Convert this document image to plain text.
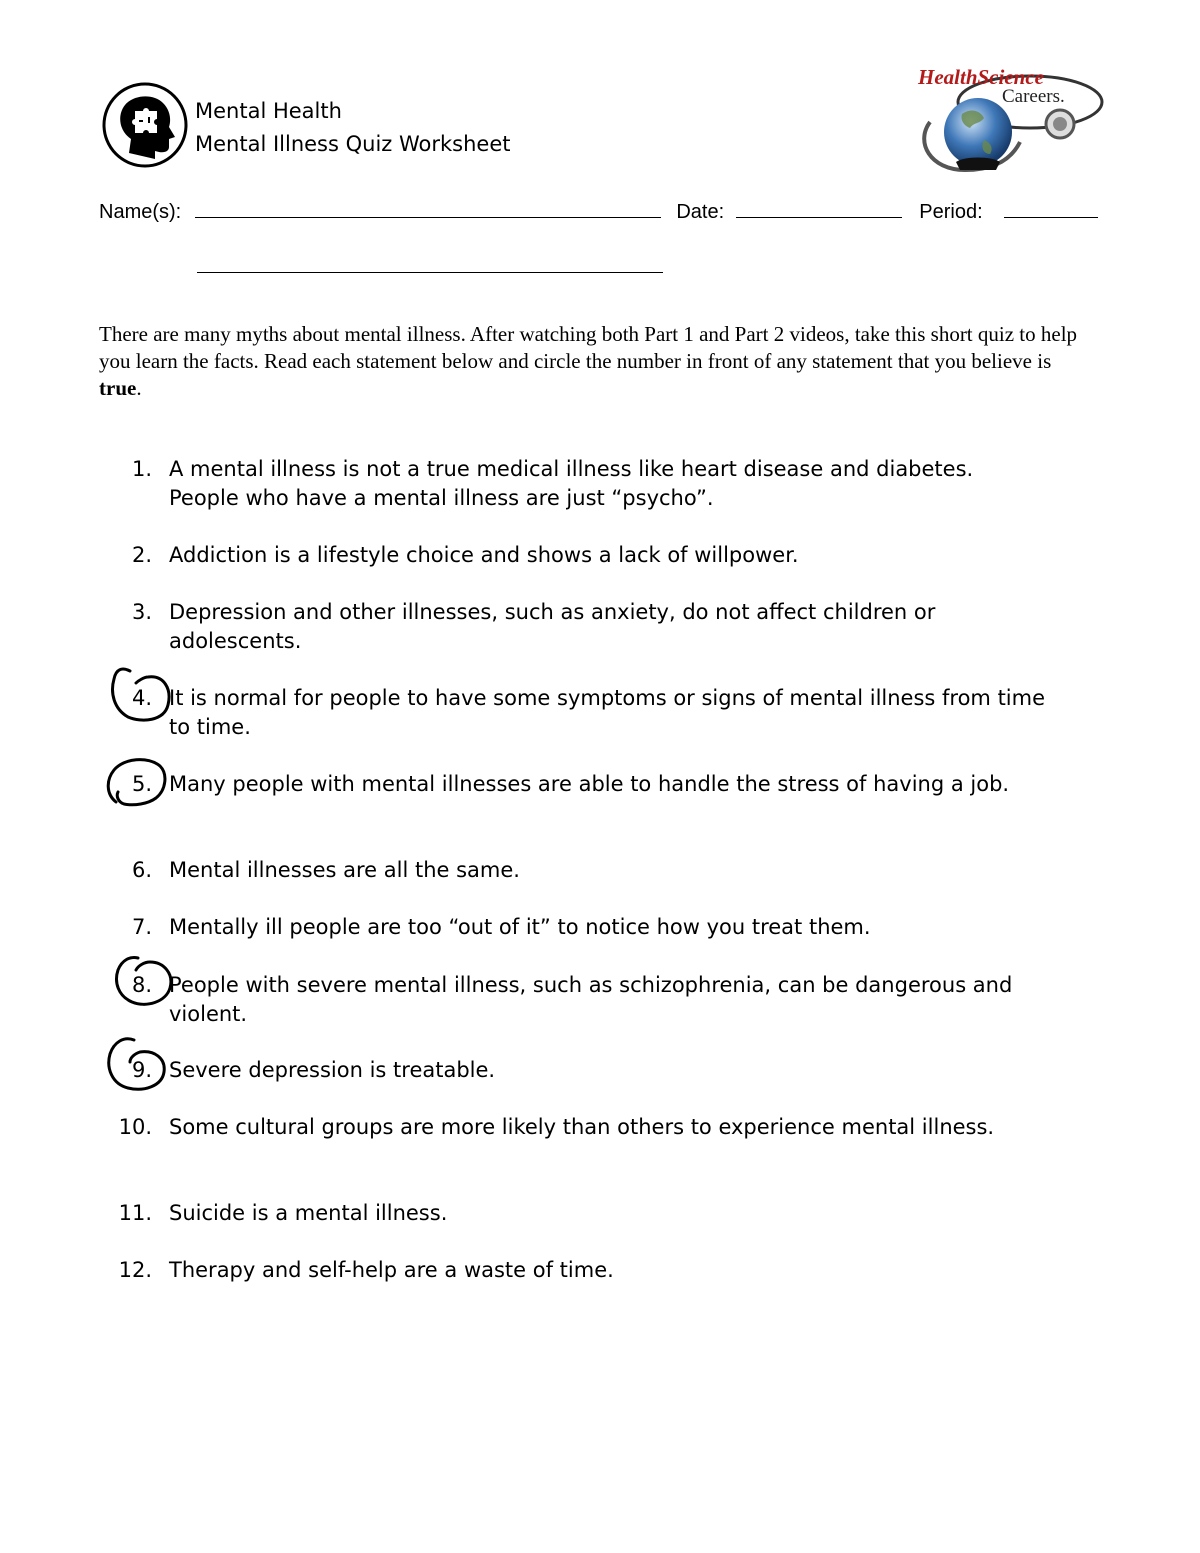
Mental Health
Mental Illness Quiz Worksheet
HealthScience
Careers.
Name(s):	Date:	Period:

There are many myths about mental illness. After watching both Part 1 and Part 2 videos, take this short quiz to help you learn the facts. Read each statement below and circle the number in front of any statement that you believe is true.

1. A mental illness is not a true medical illness like heart disease and diabetes. People who have a mental illness are just “psycho”.
2. Addiction is a lifestyle choice and shows a lack of willpower.
3. Depression and other illnesses, such as anxiety, do not affect children or adolescents.
4. It is normal for people to have some symptoms or signs of mental illness from time to time.
5. Many people with mental illnesses are able to handle the stress of having a job.
6. Mental illnesses are all the same.
7. Mentally ill people are too “out of it” to notice how you treat them.
8. People with severe mental illness, such as schizophrenia, can be dangerous and violent.
9. Severe depression is treatable.
10. Some cultural groups are more likely than others to experience mental illness.
11. Suicide is a mental illness.
12. Therapy and self-help are a waste of time.
